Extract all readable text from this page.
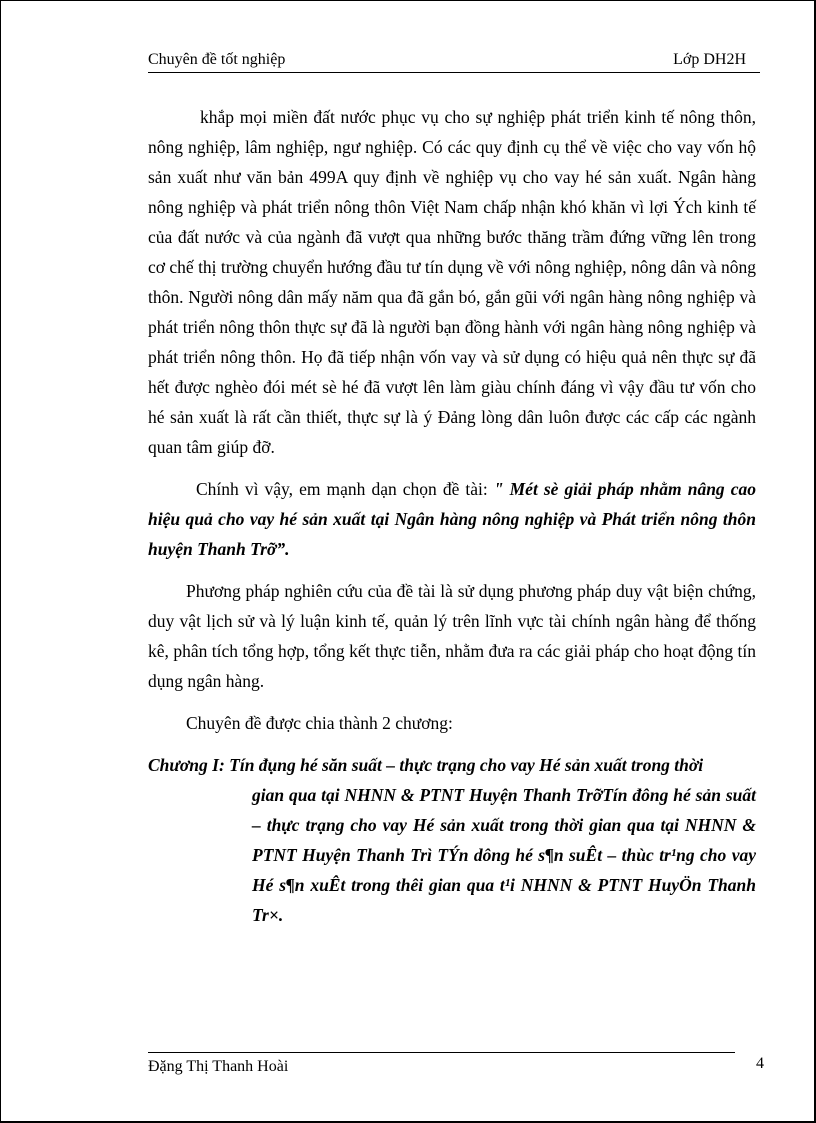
Chuyên đề tốt nghiệp	Lớp DH2H

khắp mọi miền đất nước phục vụ cho sự nghiệp phát triển kinh tế nông thôn, nông nghiệp, lâm nghiệp, ngư nghiệp. Có các quy định cụ thể về việc cho vay vốn hộ sản xuất như văn bản 499A quy định về nghiệp vụ cho vay hé sản xuất. Ngân hàng nông nghiệp và phát triển nông thôn Việt Nam chấp nhận khó khăn vì lợi Ých kinh tế của đất nước và của ngành đã vượt qua những bước thăng trầm đứng vững lên trong cơ chế thị trường chuyển hướng đầu tư tín dụng về với nông nghiệp, nông dân và nông thôn. Người nông dân mấy năm qua đã gắn bó, gắn gũi với ngân hàng nông nghiệp và phát triển nông thôn thực sự đã là người bạn đồng hành với ngân hàng nông nghiệp và phát triển nông thôn. Họ đã tiếp nhận vốn vay và sử dụng có hiệu quả nên thực sự đã hết được nghèo đói mét sè hé đã vượt lên làm giàu chính đáng vì vậy đầu tư vốn cho hé sản xuất là rất cần thiết, thực sự là ý Đảng lòng dân luôn được các cấp các ngành quan tâm giúp đỡ.

Chính vì vậy, em mạnh dạn chọn đề tài: " Mét sè giải pháp nhằm nâng cao hiệu quả cho vay hé sản xuất tại Ngân hàng nông nghiệp và Phát triển nông thôn huyện Thanh Trỡ”.

Phương pháp nghiên cứu của đề tài là sử dụng phương pháp duy vật biện chứng, duy vật lịch sử và lý luận kinh tế, quản lý trên lĩnh vực tài chính ngân hàng để thống kê, phân tích tổng hợp, tổng kết thực tiễn, nhằm đưa ra các giải pháp cho hoạt động tín dụng ngân hàng.

Chuyên đề được chia thành 2 chương:

Chương I: Tín đụng hé săn suất – thực trạng cho vay Hé sản xuất trong thời
gian qua tại NHNN & PTNT Huyện Thanh TrỡTín đông hé sản suất – thực trạng cho vay Hé sản xuất trong thời gian qua tại NHNN & PTNT Huyện Thanh Trì TÝn dông hé s¶n suÊt – thùc tr¹ng cho vay Hé s¶n xuÊt trong thêi gian qua t¹i NHNN & PTNT HuyÖn Thanh Tr×.

Đặng Thị Thanh Hoài	4
